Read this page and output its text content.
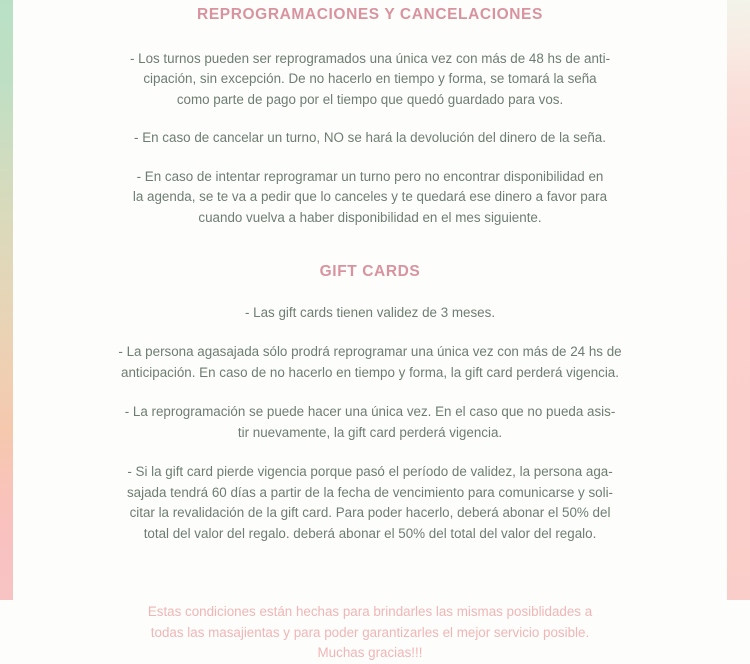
REPROGRAMACIONES Y CANCELACIONES

- Los turnos pueden ser reprogramados una única vez con más de 48 hs de anti-
cipación, sin excepción. De no hacerlo en tiempo y forma, se tomará la seña
como parte de pago por el tiempo que quedó guardado para vos.

- En caso de cancelar un turno, NO se hará la devolución del dinero de la seña.

- En caso de intentar reprogramar un turno pero no encontrar disponibilidad en
la agenda, se te va a pedir que lo canceles y te quedará ese dinero a favor para
cuando vuelva a haber disponibilidad en el mes siguiente.

GIFT CARDS

- Las gift cards tienen validez de 3 meses.

- La persona agasajada sólo prodrá reprogramar una única vez con más de 24 hs de
anticipación. En caso de no hacerlo en tiempo y forma, la gift card perderá vigencia.

- La reprogramación se puede hacer una única vez. En el caso que no pueda asis-
tir nuevamente, la gift card perderá vigencia.

- Si la gift card pierde vigencia porque pasó el período de validez, la persona aga-
sajada tendrá 60 días a partir de la fecha de vencimiento para comunicarse y soli-
citar la revalidación de la gift card. Para poder hacerlo, deberá abonar el 50% del
total del valor del regalo. deberá abonar el 50% del total del valor del regalo.

Estas condiciones están hechas para brindarles las mismas posiblidades a
todas las masajientas y para poder garantizarles el mejor servicio posible.
Muchas gracias!!!
